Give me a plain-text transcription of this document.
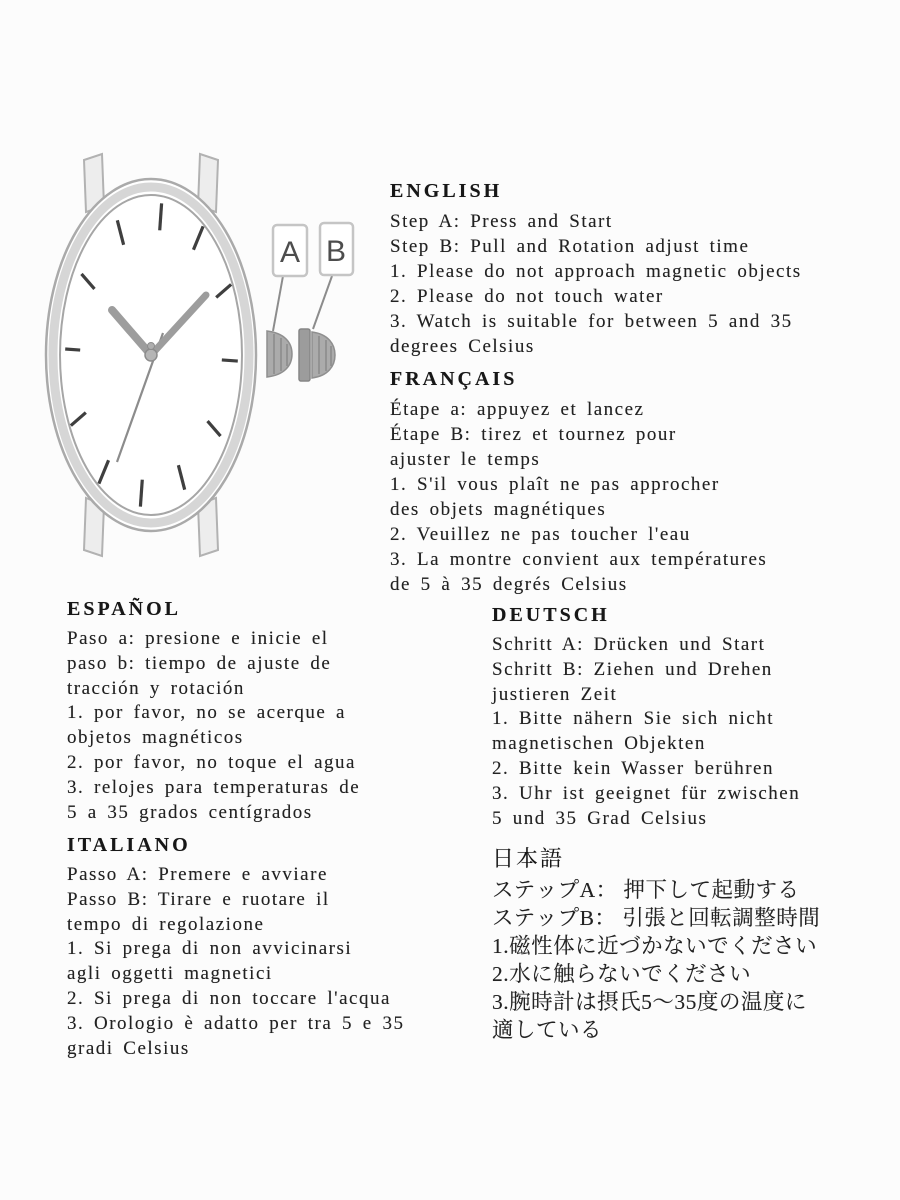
A B
ENGLISH
Step A: Press and Start
Step B: Pull and Rotation adjust time
1. Please do not approach magnetic objects
2. Please do not touch water
3. Watch is suitable for between 5 and 35
degrees Celsius
FRANÇAIS
Étape a: appuyez et lancez
Étape B: tirez et tournez pour
ajuster le temps
1. S'il vous plaît ne pas approcher
des objets magnétiques
2. Veuillez ne pas toucher l'eau
3. La montre convient aux températures
de 5 à 35 degrés Celsius
ESPAÑOL
Paso a: presione e inicie el
paso b: tiempo de ajuste de
tracción y rotación
1. por favor, no se acerque a
objetos magnéticos
2. por favor, no toque el agua
3. relojes para temperaturas de
5 a 35 grados centígrados
DEUTSCH
Schritt A: Drücken und Start
Schritt B: Ziehen und Drehen
justieren Zeit
1. Bitte nähern Sie sich nicht
magnetischen Objekten
2. Bitte kein Wasser berühren
3. Uhr ist geeignet für zwischen
5 und 35 Grad Celsius
ITALIANO
Passo A: Premere e avviare
Passo B: Tirare e ruotare il
tempo di regolazione
1. Si prega di non avvicinarsi
agli oggetti magnetici
2. Si prega di non toccare l'acqua
3. Orologio è adatto per tra 5 e 35
gradi Celsius
日本語
ステップA： 押下して起動する
ステップB： 引張と回転調整時間
1.磁性体に近づかないでください
2.水に触らないでください
3.腕時計は摂氏5～35度の温度に
適している
